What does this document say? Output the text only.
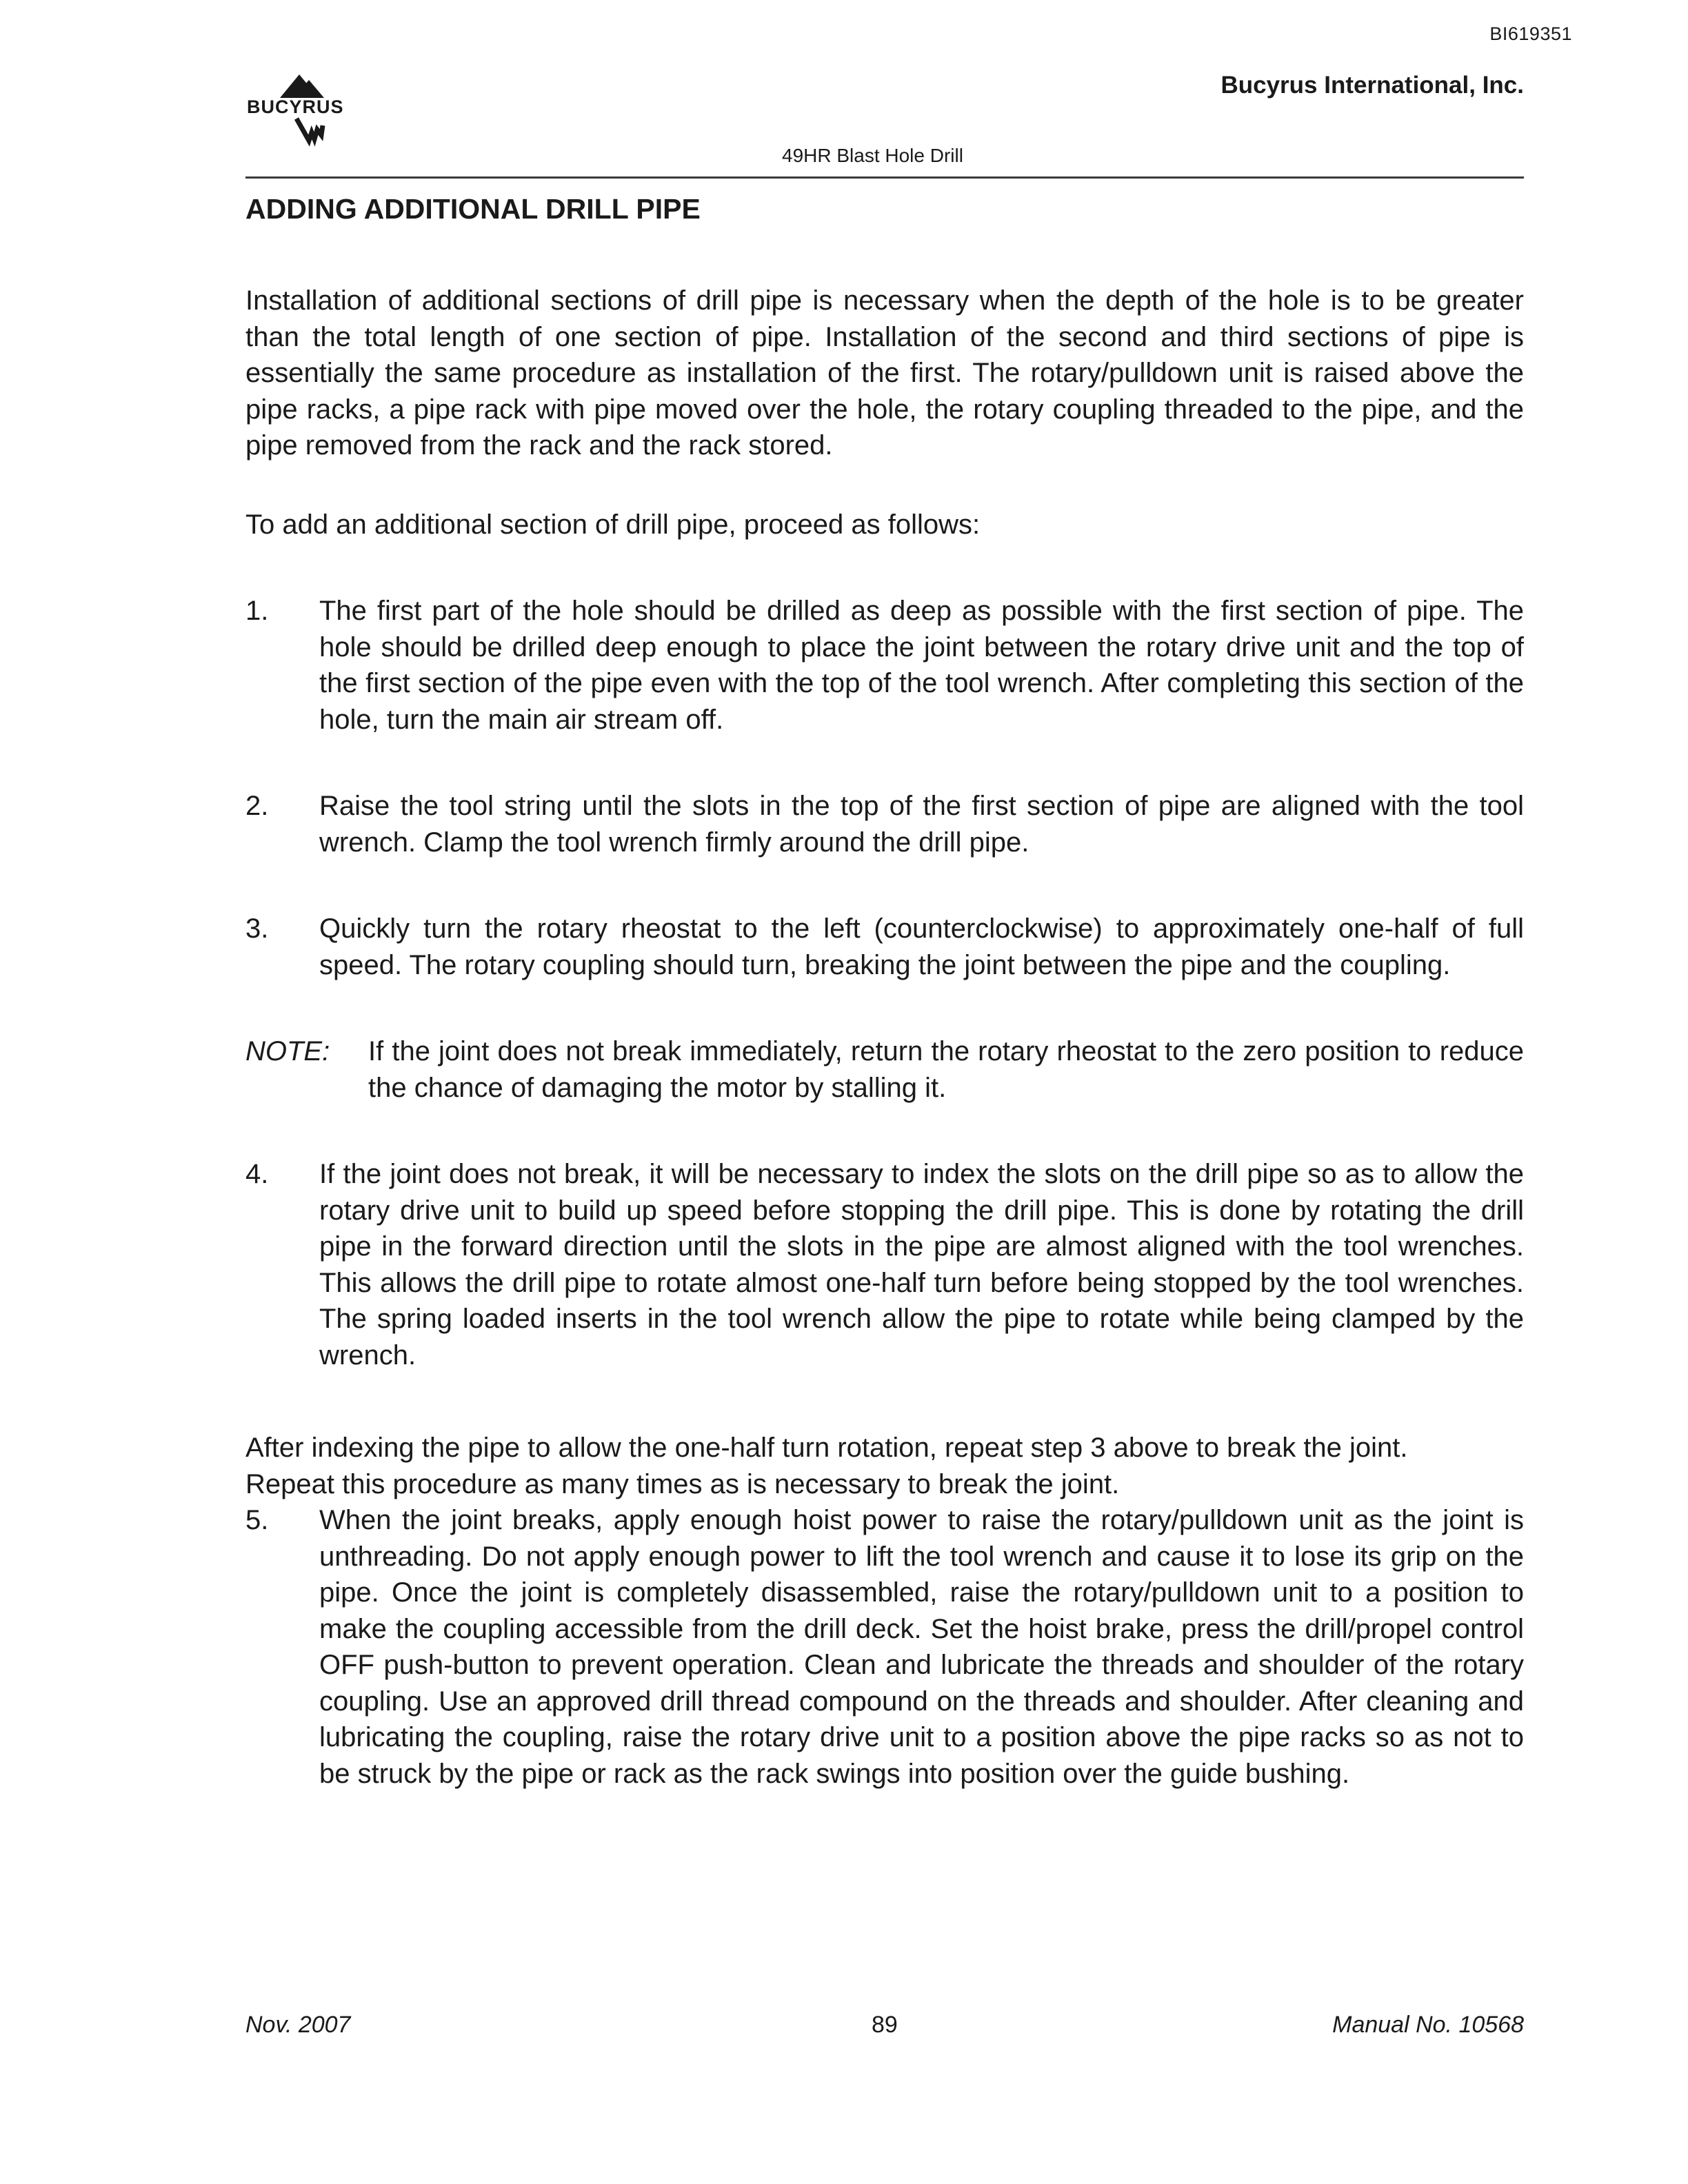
BI619351
BUCYRUS
Bucyrus International, Inc.
49HR Blast Hole Drill
ADDING ADDITIONAL DRILL PIPE

Installation of additional sections of drill pipe is necessary when the depth of the hole is to be greater than the total length of one section of pipe. Installation of the second and third sections of pipe is essentially the same procedure as installation of the first. The rotary/pulldown unit is raised above the pipe racks, a pipe rack with pipe moved over the hole, the rotary coupling threaded to the pipe, and the pipe removed from the rack and the rack stored.

To add an additional section of drill pipe, proceed as follows:

1. The first part of the hole should be drilled as deep as possible with the first section of pipe. The hole should be drilled deep enough to place the joint between the rotary drive unit and the top of the first section of the pipe even with the top of the tool wrench. After completing this section of the hole, turn the main air stream off.
2. Raise the tool string until the slots in the top of the first section of pipe are aligned with the tool wrench. Clamp the tool wrench firmly around the drill pipe.
3. Quickly turn the rotary rheostat to the left (counterclockwise) to approximately one-half of full speed. The rotary coupling should turn, breaking the joint between the pipe and the coupling.
NOTE: If the joint does not break immediately, return the rotary rheostat to the zero position to reduce the chance of damaging the motor by stalling it.
4. If the joint does not break, it will be necessary to index the slots on the drill pipe so as to allow the rotary drive unit to build up speed before stopping the drill pipe. This is done by rotating the drill pipe in the forward direction until the slots in the pipe are almost aligned with the tool wrenches. This allows the drill pipe to rotate almost one-half turn before being stopped by the tool wrenches. The spring loaded inserts in the tool wrench allow the pipe to rotate while being clamped by the wrench.

After indexing the pipe to allow the one-half turn rotation, repeat step 3 above to break the joint.

Repeat this procedure as many times as is necessary to break the joint.

5. When the joint breaks, apply enough hoist power to raise the rotary/pulldown unit as the joint is unthreading. Do not apply enough power to lift the tool wrench and cause it to lose its grip on the pipe. Once the joint is completely disassembled, raise the rotary/pulldown unit to a position to make the coupling accessible from the drill deck. Set the hoist brake, press the drill/propel control OFF push-button to prevent operation. Clean and lubricate the threads and shoulder of the rotary coupling. Use an approved drill thread compound on the threads and shoulder. After cleaning and lubricating the coupling, raise the rotary drive unit to a position above the pipe racks so as not to be struck by the pipe or rack as the rack swings into position over the guide bushing.
Nov. 2007	89	Manual No. 10568
